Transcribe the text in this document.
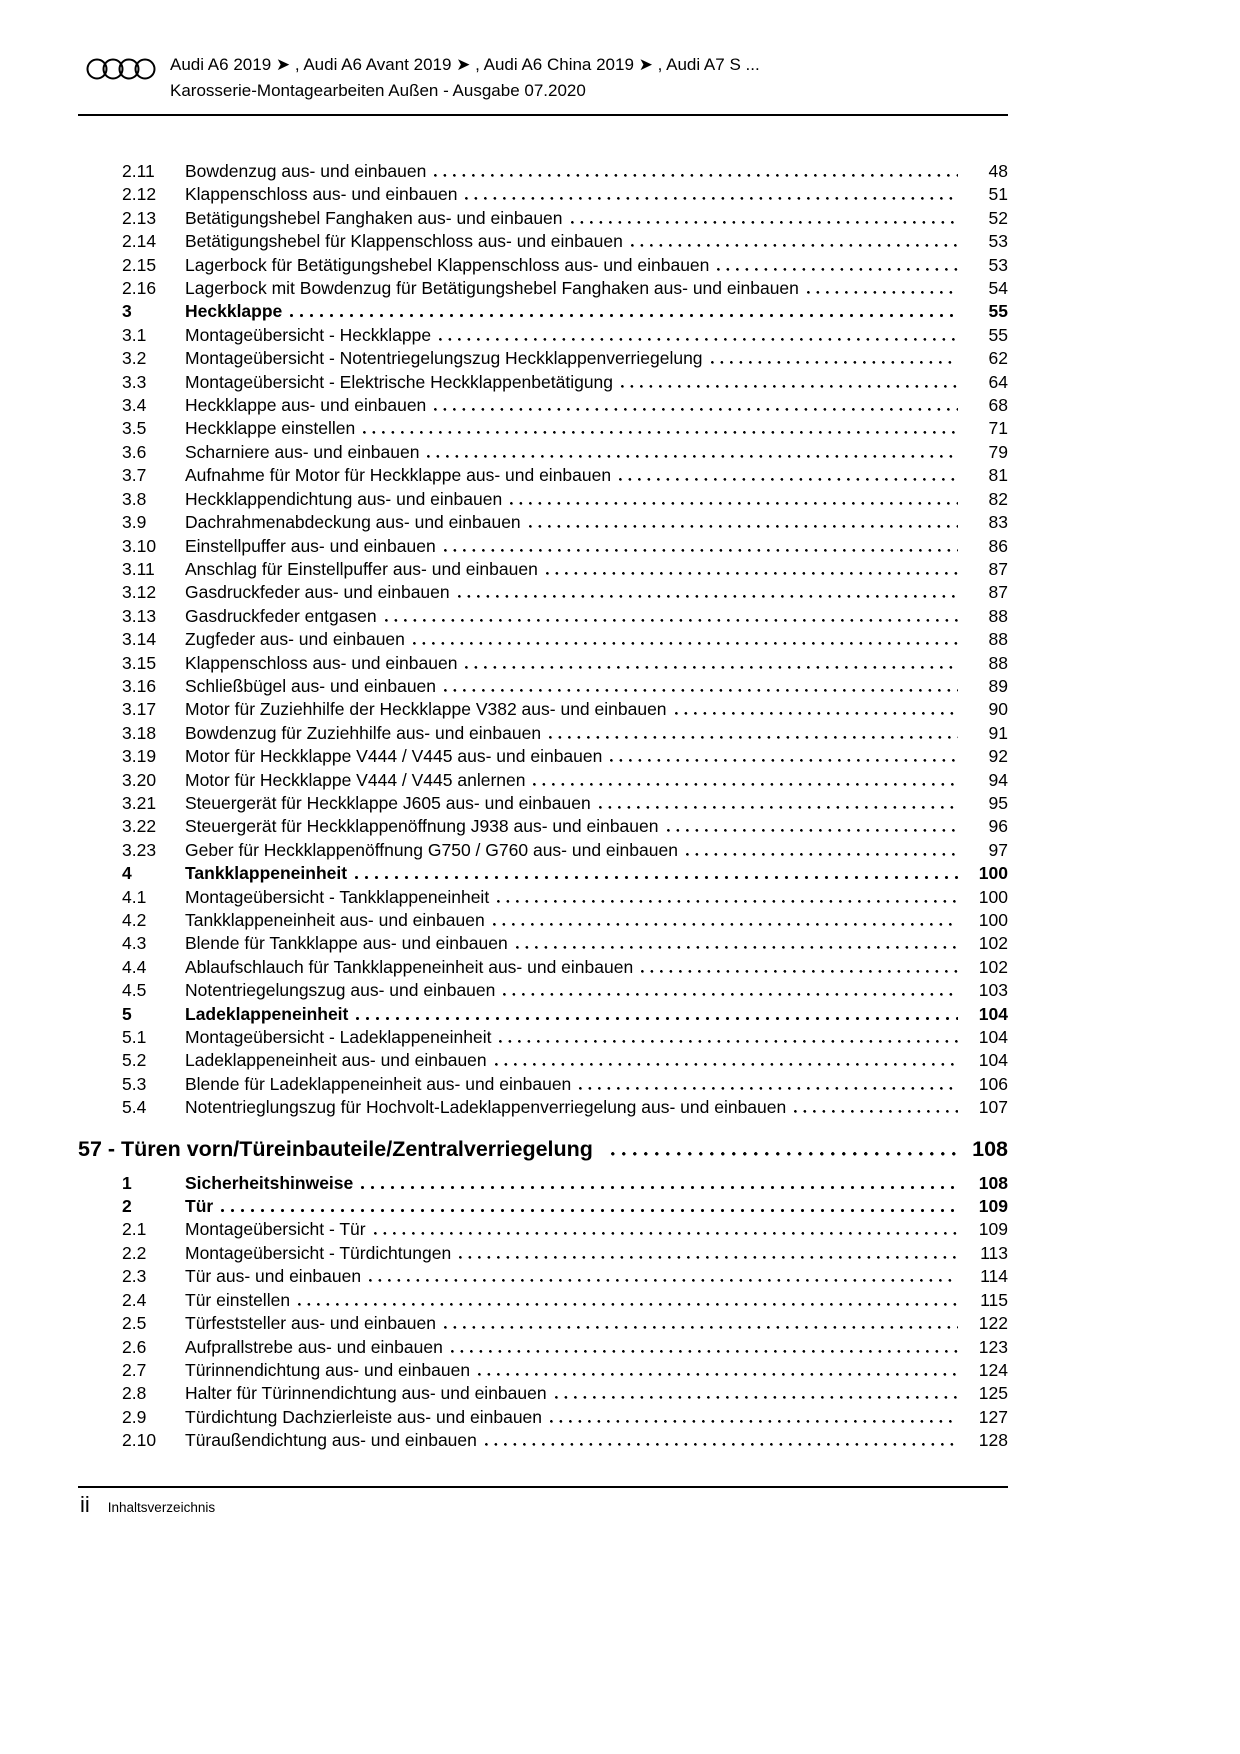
Audi A6 2019 ➤ , Audi A6 Avant 2019 ➤ , Audi A6 China 2019 ➤ , Audi A7 S ...
Karosserie-Montagearbeiten Außen - Ausgabe 07.2020
2.11	Bowdenzug aus- und einbauen	48
2.12	Klappenschloss aus- und einbauen	51
2.13	Betätigungshebel Fanghaken aus- und einbauen	52
2.14	Betätigungshebel für Klappenschloss aus- und einbauen	53
2.15	Lagerbock für Betätigungshebel Klappenschloss aus- und einbauen	53
2.16	Lagerbock mit Bowdenzug für Betätigungshebel Fanghaken aus- und einbauen	54
3	Heckklappe	55
3.1	Montageübersicht - Heckklappe	55
3.2	Montageübersicht - Notentriegelungszug Heckklappenverriegelung	62
3.3	Montageübersicht - Elektrische Heckklappenbetätigung	64
3.4	Heckklappe aus- und einbauen	68
3.5	Heckklappe einstellen	71
3.6	Scharniere aus- und einbauen	79
3.7	Aufnahme für Motor für Heckklappe aus- und einbauen	81
3.8	Heckklappendichtung aus- und einbauen	82
3.9	Dachrahmenabdeckung aus- und einbauen	83
3.10	Einstellpuffer aus- und einbauen	86
3.11	Anschlag für Einstellpuffer aus- und einbauen	87
3.12	Gasdruckfeder aus- und einbauen	87
3.13	Gasdruckfeder entgasen	88
3.14	Zugfeder aus- und einbauen	88
3.15	Klappenschloss aus- und einbauen	88
3.16	Schließbügel aus- und einbauen	89
3.17	Motor für Zuziehhilfe der Heckklappe V382 aus- und einbauen	90
3.18	Bowdenzug für Zuziehhilfe aus- und einbauen	91
3.19	Motor für Heckklappe V444 / V445 aus- und einbauen	92
3.20	Motor für Heckklappe V444 / V445 anlernen	94
3.21	Steuergerät für Heckklappe J605 aus- und einbauen	95
3.22	Steuergerät für Heckklappenöffnung J938 aus- und einbauen	96
3.23	Geber für Heckklappenöffnung G750 / G760 aus- und einbauen	97
4	Tankklappeneinheit	100
4.1	Montageübersicht - Tankklappeneinheit	100
4.2	Tankklappeneinheit aus- und einbauen	100
4.3	Blende für Tankklappe aus- und einbauen	102
4.4	Ablaufschlauch für Tankklappeneinheit aus- und einbauen	102
4.5	Notentriegelungszug aus- und einbauen	103
5	Ladeklappeneinheit	104
5.1	Montageübersicht - Ladeklappeneinheit	104
5.2	Ladeklappeneinheit aus- und einbauen	104
5.3	Blende für Ladeklappeneinheit aus- und einbauen	106
5.4	Notentrieglungszug für Hochvolt-Ladeklappenverriegelung aus- und einbauen	107
57 - Türen vorn/Türeinbauteile/Zentralverriegelung	108
1	Sicherheitshinweise	108
2	Tür	109
2.1	Montageübersicht - Tür	109
2.2	Montageübersicht - Türdichtungen	113
2.3	Tür aus- und einbauen	114
2.4	Tür einstellen	115
2.5	Türfeststeller aus- und einbauen	122
2.6	Aufprallstrebe aus- und einbauen	123
2.7	Türinnendichtung aus- und einbauen	124
2.8	Halter für Türinnendichtung aus- und einbauen	125
2.9	Türdichtung Dachzierleiste aus- und einbauen	127
2.10	Türaußendichtung aus- und einbauen	128
ii Inhaltsverzeichnis
